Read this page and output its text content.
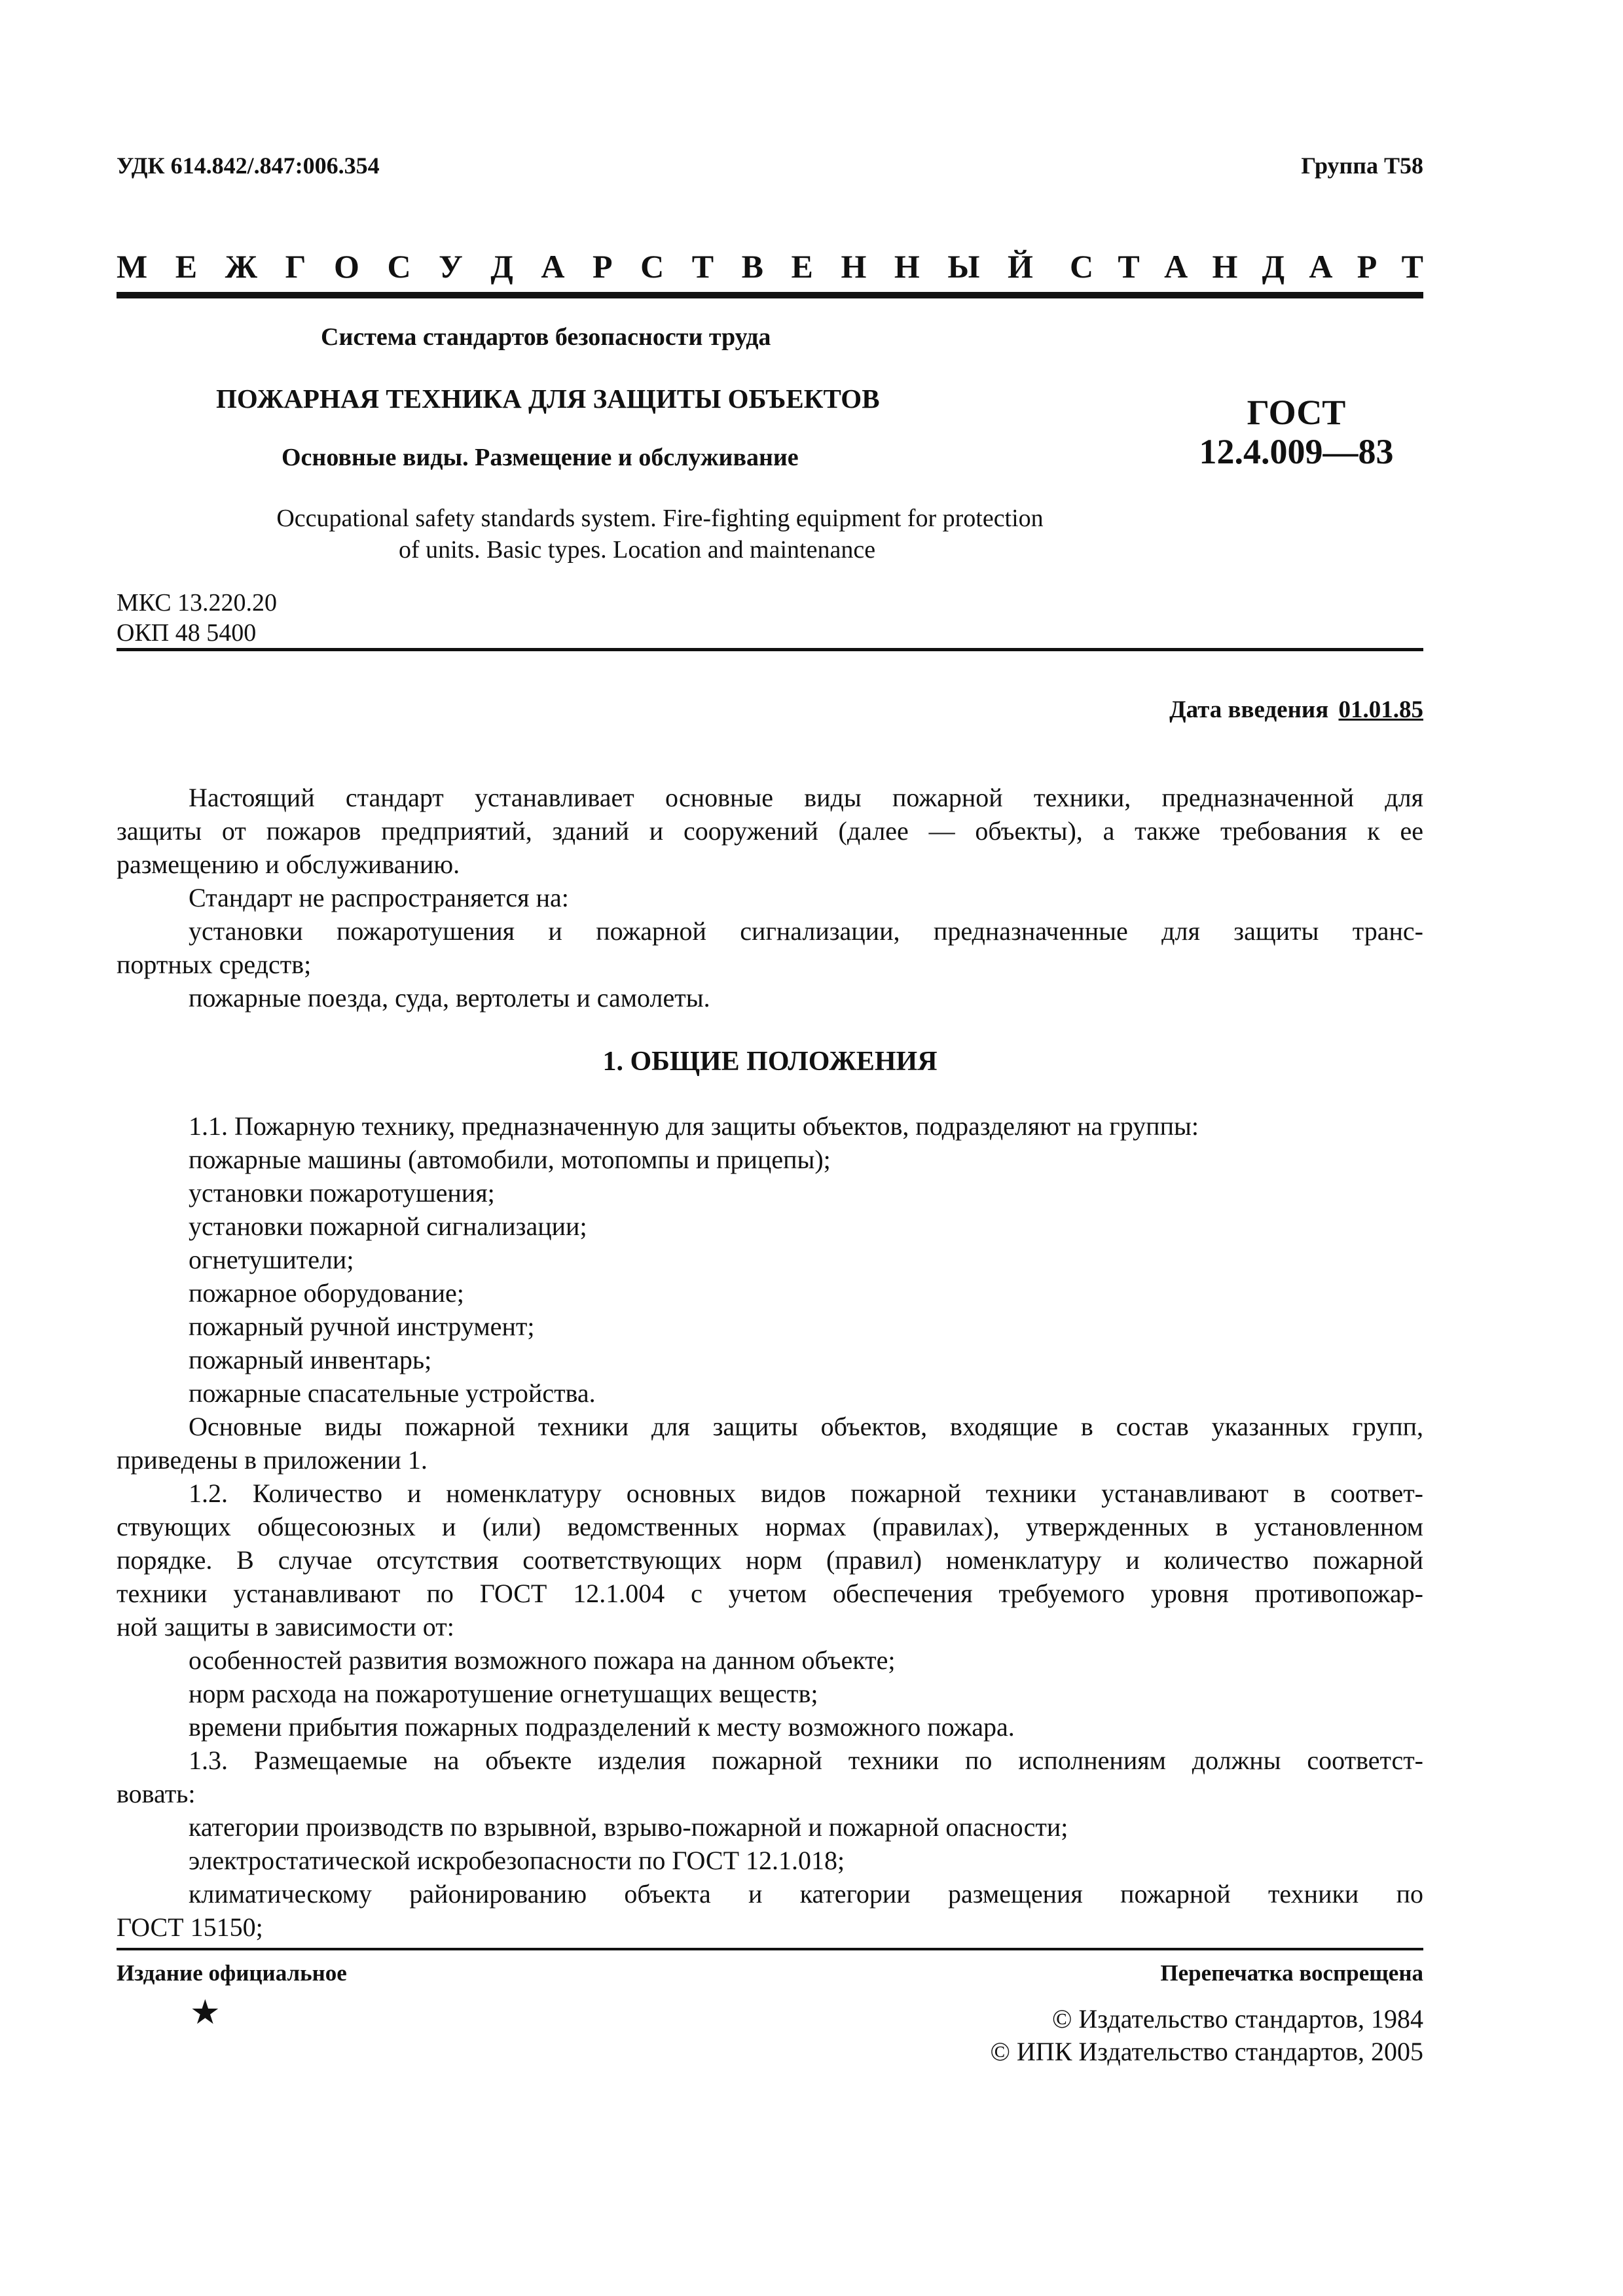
УДК 614.842/.847:006.354	Группа Т58
М Е Ж Г О С У Д А Р С Т В Е Н Н Ы Й С Т А Н Д А Р Т
Система стандартов безопасности труда
ПОЖАРНАЯ ТЕХНИКА ДЛЯ ЗАЩИТЫ ОБЪЕКТОВ
Основные виды. Размещение и обслуживание
ГОСТ
12.4.009—83
Occupational safety standards system. Fire-fighting equipment for protection
of units. Basic types. Location and maintenance
МКС 13.220.20
ОКП 48 5400
Дата введения 01.01.85
Настоящий стандарт устанавливает основные виды пожарной техники, предназначенной для
защиты от пожаров предприятий, зданий и сооружений (далее — объекты), а также требования к ее
размещению и обслуживанию.
Стандарт не распространяется на:
установки пожаротушения и пожарной сигнализации, предназначенные для защиты транс-
портных средств;
пожарные поезда, суда, вертолеты и самолеты.
1. ОБЩИЕ ПОЛОЖЕНИЯ
1.1. Пожарную технику, предназначенную для защиты объектов, подразделяют на группы:
пожарные машины (автомобили, мотопомпы и прицепы);
установки пожаротушения;
установки пожарной сигнализации;
огнетушители;
пожарное оборудование;
пожарный ручной инструмент;
пожарный инвентарь;
пожарные спасательные устройства.
Основные виды пожарной техники для защиты объектов, входящие в состав указанных групп,
приведены в приложении 1.
1.2. Количество и номенклатуру основных видов пожарной техники устанавливают в соответ-
ствующих общесоюзных и (или) ведомственных нормах (правилах), утвержденных в установленном
порядке. В случае отсутствия соответствующих норм (правил) номенклатуру и количество пожарной
техники устанавливают по ГОСТ 12.1.004 с учетом обеспечения требуемого уровня противопожар-
ной защиты в зависимости от:
особенностей развития возможного пожара на данном объекте;
норм расхода на пожаротушение огнетушащих веществ;
времени прибытия пожарных подразделений к месту возможного пожара.
1.3. Размещаемые на объекте изделия пожарной техники по исполнениям должны соответст-
вовать:
категории производств по взрывной, взрыво-пожарной и пожарной опасности;
электростатической искробезопасности по ГОСТ 12.1.018;
климатическому районированию объекта и категории размещения пожарной техники по
ГОСТ 15150;
Издание официальное	Перепечатка воспрещена
★	© Издательство стандартов, 1984
© ИПК Издательство стандартов, 2005
